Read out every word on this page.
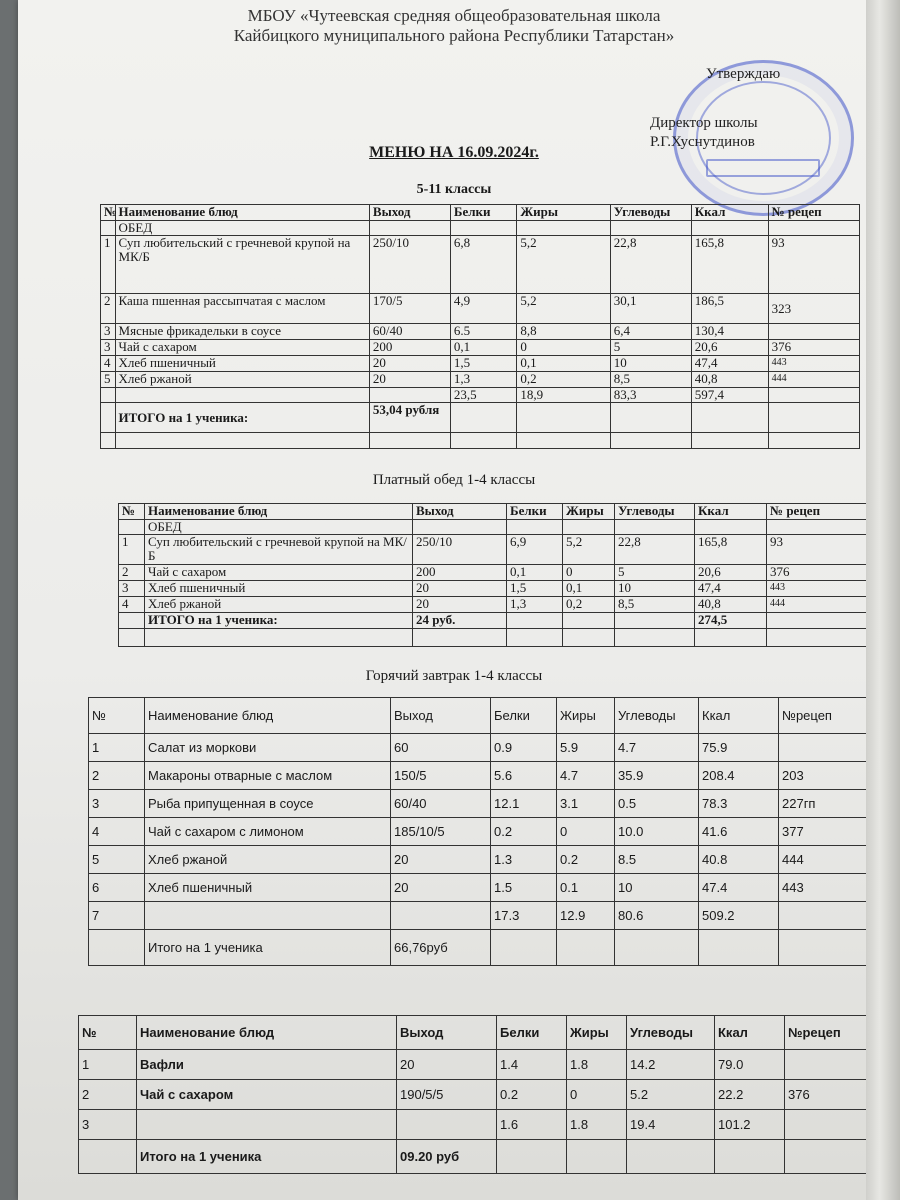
МБОУ «Чутеевская средняя общеобразовательная школа
Кайбицкого муниципального района Республики Татарстан»
Утверждаю
Директор школы
Р.Г.Хуснутдинов
МЕНЮ НА 16.09.2024г.
5-11 классы
№	Наименование блюд	Выход	Белки	Жиры	Углеводы	Ккал	№ рецеп
	ОБЕД						
1	Суп любительский с гречневой крупой на МК/Б	250/10	6,8	5,2	22,8	165,8	93
2	Каша пшенная рассыпчатая с маслом	170/5	4,9	5,2	30,1	186,5	323
3	Мясные фрикадельки в соусе	60/40	6.5	8,8	6,4	130,4	
3	Чай с сахаром	200	0,1	0	5	20,6	376
4	Хлеб пшеничный	20	1,5	0,1	10	47,4	443
5	Хлеб ржаной	20	1,3	0,2	8,5	40,8	444
			23,5	18,9	83,3	597,4	
	ИТОГО на 1 ученика:	53,04 рубля					

Платный обед 1-4 классы
№	Наименование блюд	Выход	Белки	Жиры	Углеводы	Ккал	№ рецеп
	ОБЕД						
1	Суп любительский с гречневой крупой на МК/Б	250/10	6,9	5,2	22,8	165,8	93
2	Чай с сахаром	200	0,1	0	5	20,6	376
3	Хлеб пшеничный	20	1,5	0,1	10	47,4	443
4	Хлеб ржаной	20	1,3	0,2	8,5	40,8	444
	ИТОГО на 1 ученика:	24 руб.				274,5	

Горячий завтрак 1-4 классы
№	Наименование блюд	Выход	Белки	Жиры	Углеводы	Ккал	№рецеп
1	Салат из моркови	60	0.9	5.9	4.7	75.9	
2	Макароны отварные с маслом	150/5	5.6	4.7	35.9	208.4	203
3	Рыба припущенная в соусе	60/40	12.1	3.1	0.5	78.3	227гп
4	Чай с сахаром с лимоном	185/10/5	0.2	0	10.0	41.6	377
5	Хлеб ржаной	20	1.3	0.2	8.5	40.8	444
6	Хлеб пшеничный	20	1.5	0.1	10	47.4	443
7			17.3	12.9	80.6	509.2	
	Итого на 1 ученика	66,76руб					
№	Наименование блюд	Выход	Белки	Жиры	Углеводы	Ккал	№рецеп
1	Вафли	20	1.4	1.8	14.2	79.0	
2	Чай с сахаром	190/5/5	0.2	0	5.2	22.2	376
3			1.6	1.8	19.4	101.2	
	Итого на 1 ученика	09.20 руб					
